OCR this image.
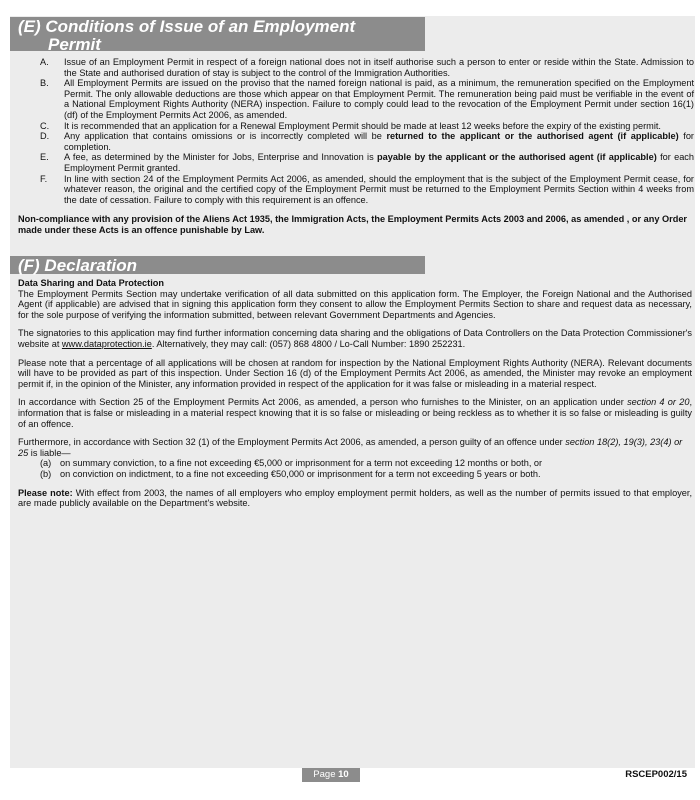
(E) Conditions of Issue of an Employment
Permit
A.	Issue of an Employment Permit in respect of a foreign national does not in itself authorise such a person to enter or reside within the State. Admission to the State and authorised duration of stay is subject to the control of the Immigration Authorities.
B.	All Employment Permits are issued on the proviso that the named foreign national is paid, as a minimum, the remuneration specified on the Employment Permit. The only allowable deductions are those which appear on that Employment Permit. The remuneration being paid must be verifiable in the event of a National Employment Rights Authority (NERA) inspection. Failure to comply could lead to the revocation of the Employment Permit under section 16(1)(df) of the Employment Permits Act 2006, as amended.
C.	It is recommended that an application for a Renewal Employment Permit should be made at least 12 weeks before the expiry of the existing permit.
D.	Any application that contains omissions or is incorrectly completed will be returned to the applicant or the authorised agent (if applicable) for completion.
E.	A fee, as determined by the Minister for Jobs, Enterprise and Innovation is payable by the applicant or the authorised agent (if applicable) for each Employment Permit granted.
F.	In line with section 24 of the Employment Permits Act 2006, as amended, should the employment that is the subject of the Employment Permit cease, for whatever reason, the original and the certified copy of the Employment Permit must be returned to the Employment Permits Section within 4 weeks from the date of cessation. Failure to comply with this requirement is an offence.
Non-compliance with any provision of the Aliens Act 1935, the Immigration Acts, the Employment Permits Acts 2003 and 2006, as amended , or any Order made under these Acts is an offence punishable by Law.
(F) Declaration
Data Sharing and Data Protection

The Employment Permits Section may undertake verification of all data submitted on this application form. The Employer, the Foreign National and the Authorised Agent (if applicable) are advised that in signing this application form they consent to allow the Employment Permits Section to share and request data as necessary, for the sole purpose of verifying the information submitted, between relevant Government Departments and Agencies.

The signatories to this application may find further information concerning data sharing and the obligations of Data Controllers on the Data Protection Commissioner's website at www.dataprotection.ie. Alternatively, they may call: (057) 868 4800 / Lo-Call Number: 1890 252231.

Please note that a percentage of all applications will be chosen at random for inspection by the National Employment Rights Authority (NERA). Relevant documents will have to be provided as part of this inspection. Under Section 16 (d) of the Employment Permits Act 2006, as amended, the Minister may revoke an employment permit if, in the opinion of the Minister, any information provided in respect of the application for it was false or misleading in a material respect.

In accordance with Section 25 of the Employment Permits Act 2006, as amended, a person who furnishes to the Minister, on an application under section 4 or 20, information that is false or misleading in a material respect knowing that it is so false or misleading or being reckless as to whether it is so false or misleading is guilty of an offence.

Furthermore, in accordance with Section 32 (1) of the Employment Permits Act 2006, as amended, a person guilty of an offence under section 18(2), 19(3), 23(4) or 25 is liable—
(a) on summary conviction, to a fine not exceeding €5,000 or imprisonment for a term not exceeding 12 months or both, or
(b) on conviction on indictment, to a fine not exceeding €50,000 or imprisonment for a term not exceeding 5 years or both.

Please note: With effect from 2003, the names of all employers who employ employment permit holders, as well as the number of permits issued to that employer, are made publicly available on the Department's website.

Page 10	RSCEP002/15
